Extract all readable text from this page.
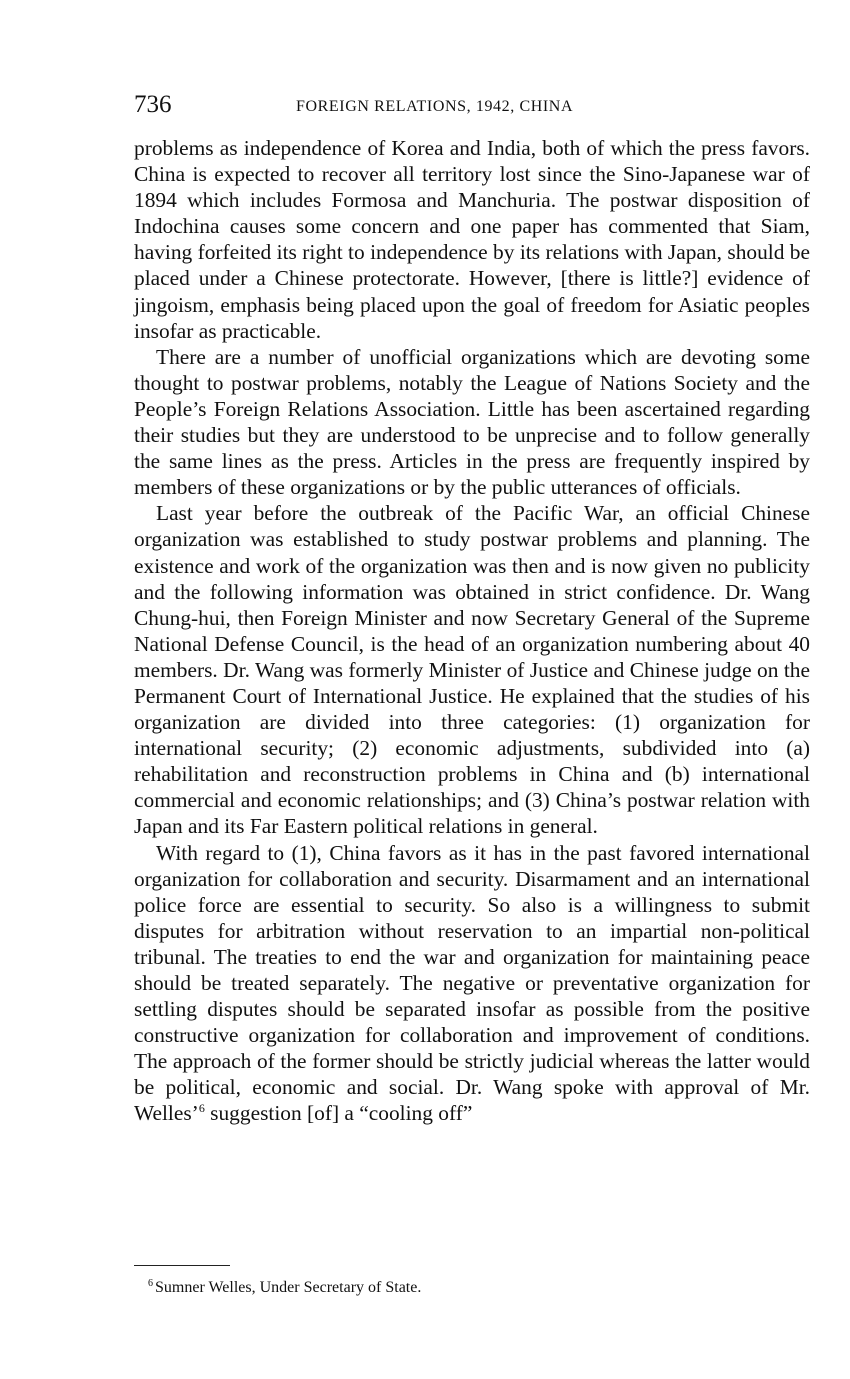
736	FOREIGN RELATIONS, 1942, CHINA

problems as independence of Korea and India, both of which the press favors. China is expected to recover all territory lost since the Sino-Japanese war of 1894 which includes Formosa and Manchuria. The postwar disposition of Indochina causes some concern and one paper has commented that Siam, having forfeited its right to independence by its relations with Japan, should be placed under a Chinese protectorate. However, [there is little?] evidence of jingoism, emphasis being placed upon the goal of freedom for Asiatic peoples insofar as practicable.

There are a number of unofficial organizations which are devoting some thought to postwar problems, notably the League of Nations Society and the People’s Foreign Relations Association. Little has been ascertained regarding their studies but they are understood to be unprecise and to follow generally the same lines as the press. Articles in the press are frequently inspired by members of these organizations or by the public utterances of officials.

Last year before the outbreak of the Pacific War, an official Chinese organization was established to study postwar problems and planning. The existence and work of the organization was then and is now given no publicity and the following information was obtained in strict confidence. Dr. Wang Chung-hui, then Foreign Minister and now Secretary General of the Supreme National Defense Council, is the head of an organization numbering about 40 members. Dr. Wang was formerly Minister of Justice and Chinese judge on the Permanent Court of International Justice. He explained that the studies of his organization are divided into three categories: (1) organization for international security; (2) economic adjustments, subdivided into (a) rehabilitation and reconstruction problems in China and (b) international commercial and economic relationships; and (3) China’s postwar relation with Japan and its Far Eastern political relations in general.

With regard to (1), China favors as it has in the past favored international organization for collaboration and security. Disarmament and an international police force are essential to security. So also is a willingness to submit disputes for arbitration without reservation to an impartial non-political tribunal. The treaties to end the war and organization for maintaining peace should be treated separately. The negative or preventative organization for settling disputes should be separated insofar as possible from the positive constructive organization for collaboration and improvement of conditions. The approach of the former should be strictly judicial whereas the latter would be political, economic and social. Dr. Wang spoke with approval of Mr. Welles’$^6$ suggestion [of] a “cooling off”

$^6$ Sumner Welles, Under Secretary of State.
